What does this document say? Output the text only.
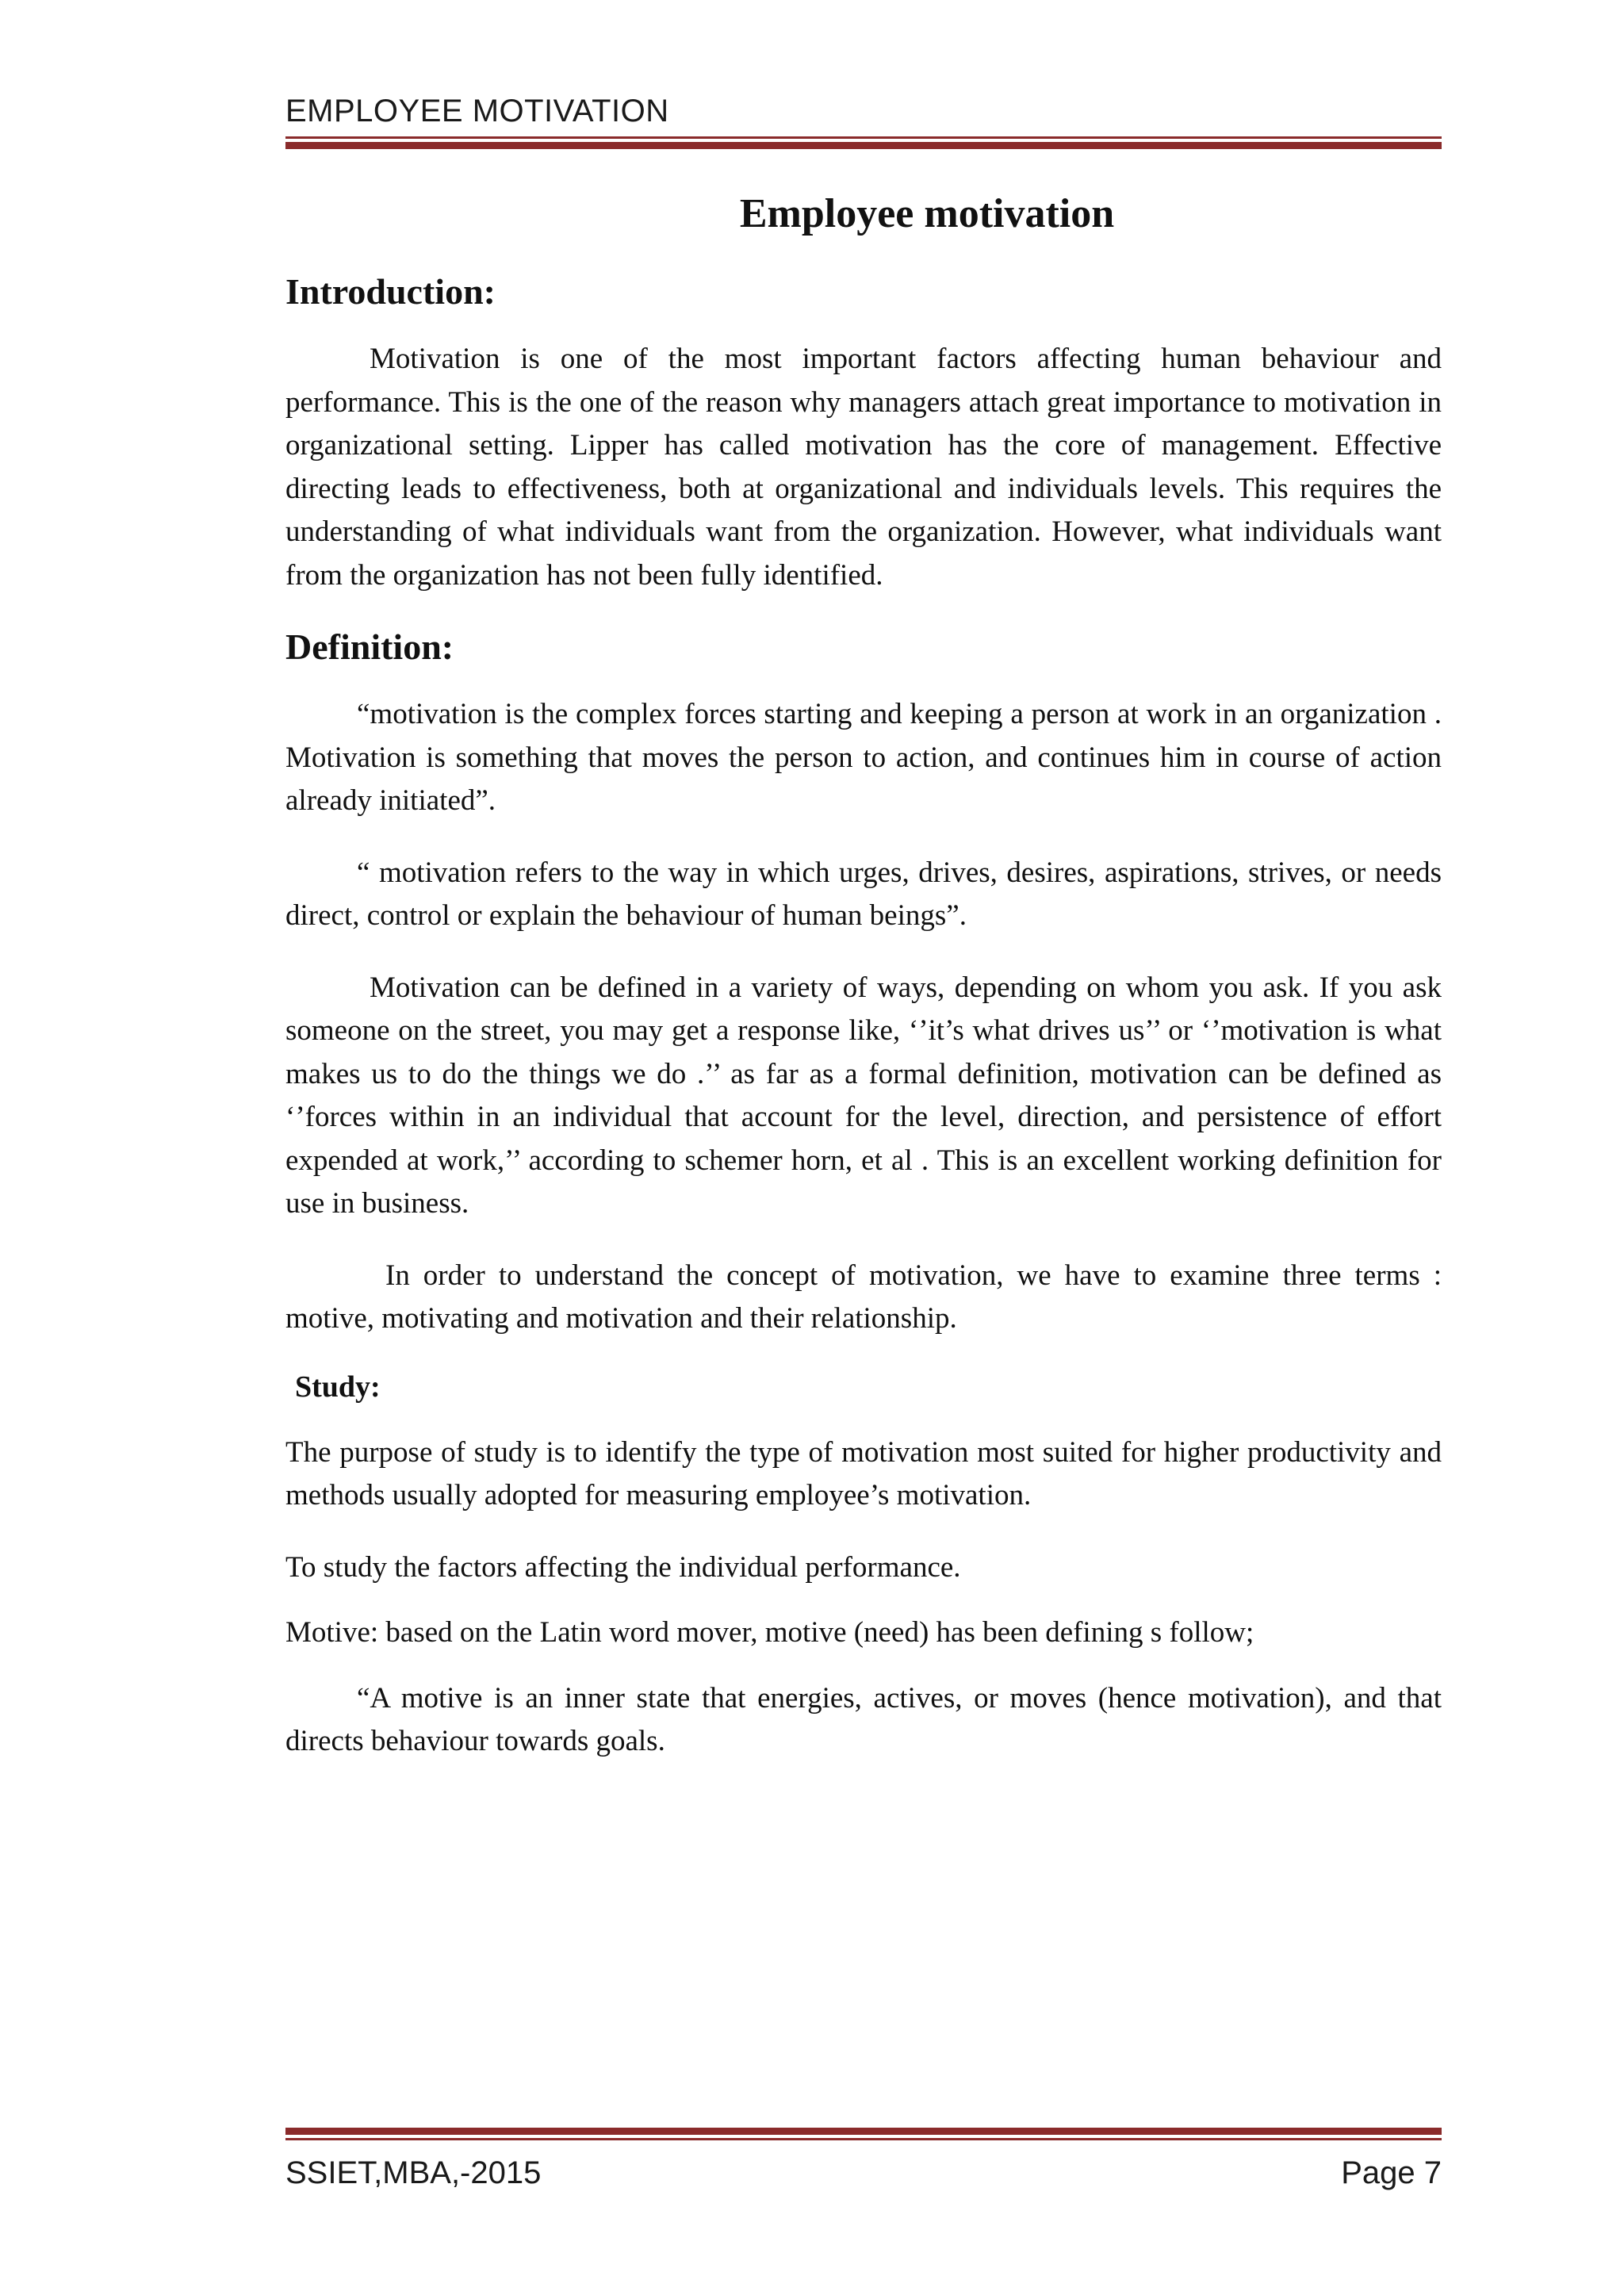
EMPLOYEE MOTIVATION
Employee motivation
Introduction:

Motivation is one of the most important factors affecting human behaviour and performance. This is the one of the reason why managers attach great importance to motivation in organizational setting. Lipper has called motivation has the core of management. Effective directing leads to effectiveness, both at organizational and individuals levels. This requires the understanding of what individuals want from the organization. However, what individuals want from the organization has not been fully identified.

Definition:

“motivation is the complex forces starting and keeping a person at work in an organization . Motivation is something that moves the person to action, and continues him in course of action already initiated”.

“ motivation refers to the way in which urges, drives, desires, aspirations, strives, or needs direct, control or explain the behaviour of human beings”.

Motivation can be defined in a variety of ways, depending on whom you ask. If you ask someone on the street, you may get a response like, ‘’it’s what drives us’’ or ‘’motivation is what makes us to do the things we do .’’ as far as a formal definition, motivation can be defined as ‘’forces within in an individual that account for the level, direction, and persistence of effort expended at work,’’ according to schemer horn, et al . This is an excellent working definition for use in business.

In order to understand the concept of motivation, we have to examine three terms : motive, motivating and motivation and their relationship.

Study:

The purpose of study is to identify the type of motivation most suited for higher productivity and methods usually adopted for measuring employee’s motivation.

To study the factors affecting the individual performance.

Motive: based on the Latin word mover, motive (need) has been defining s follow;

“A motive is an inner state that energies, actives, or moves (hence motivation), and that directs behaviour towards goals.

SSIET,MBA,-2015	Page 7
